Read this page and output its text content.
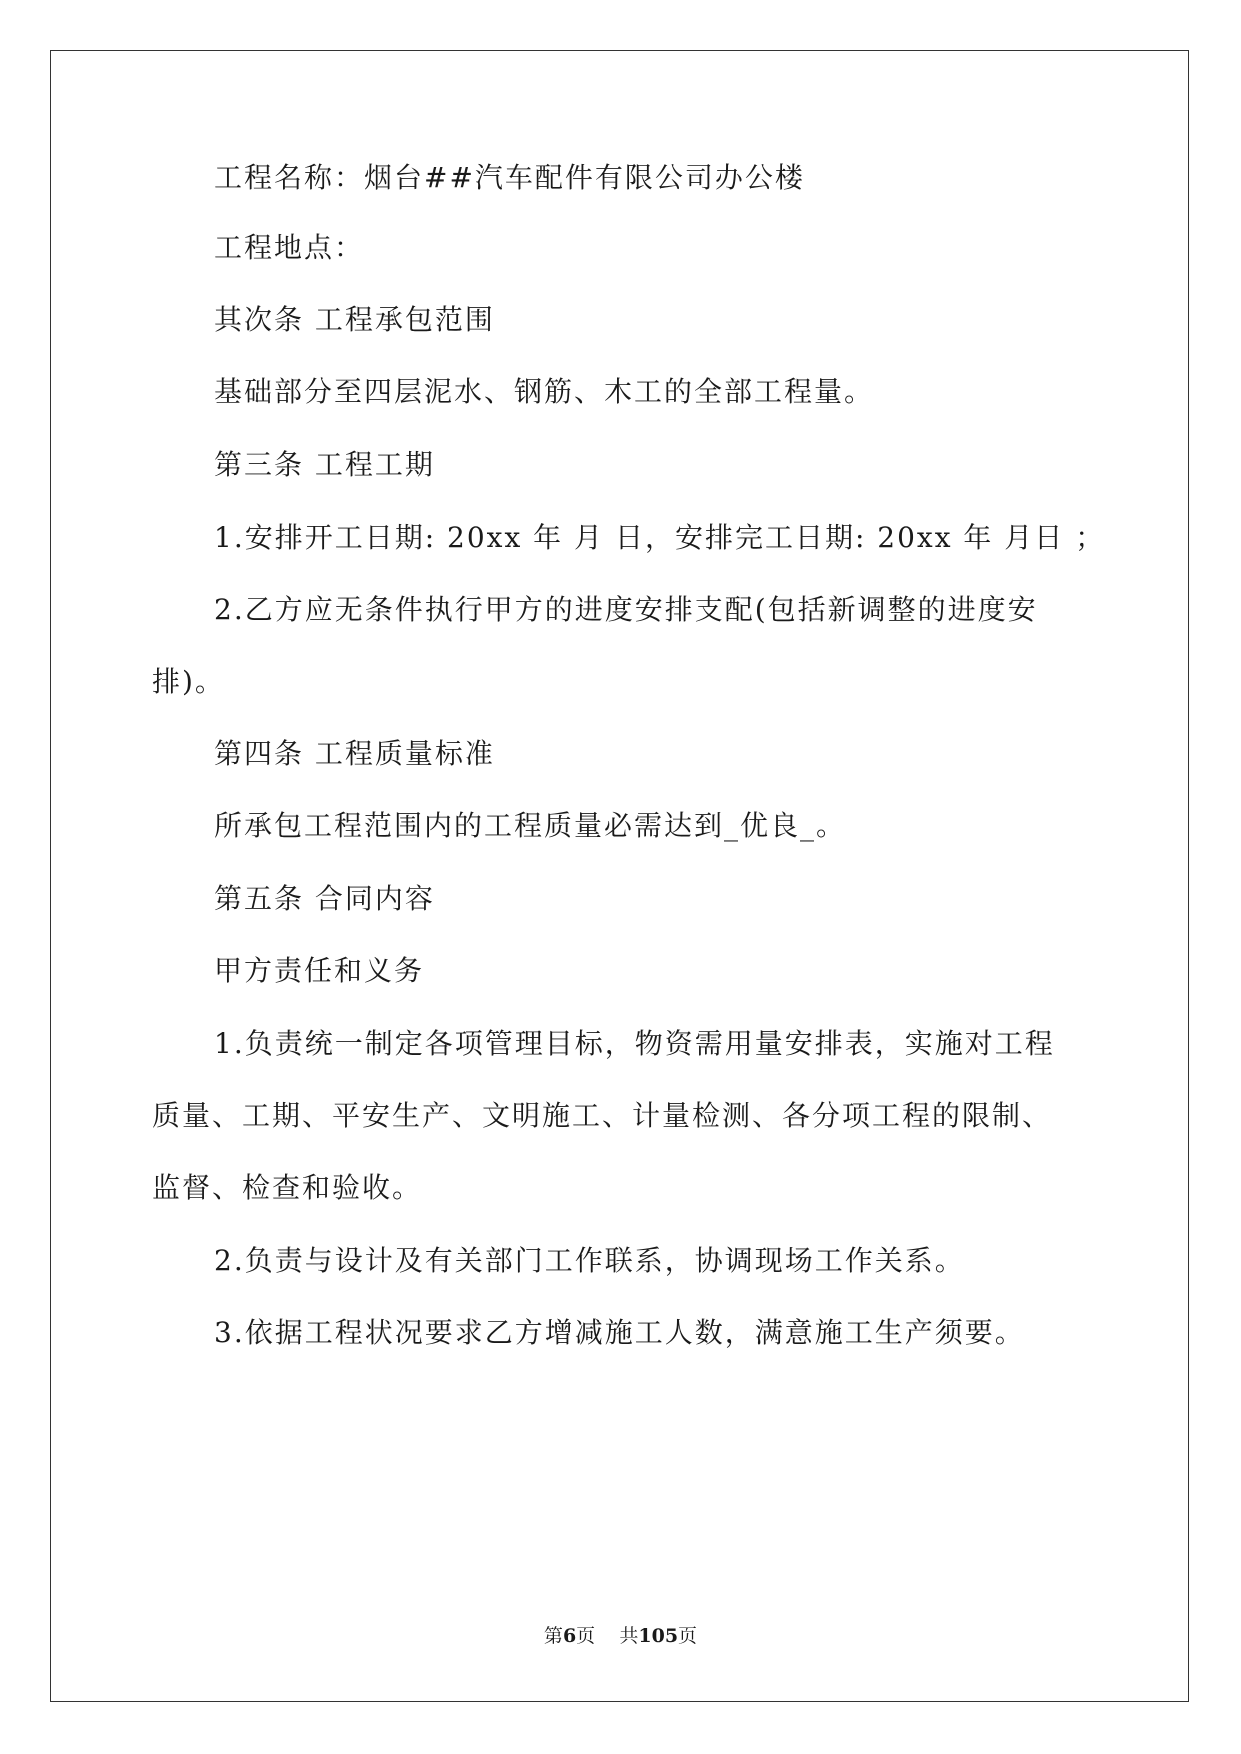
工程名称：烟台##汽车配件有限公司办公楼
工程地点：
其次条 工程承包范围
基础部分至四层泥水、钢筋、木工的全部工程量。
第三条 工程工期
1.安排开工日期: 20xx 年 月 日，安排完工日期: 20xx 年 月日 ；
2.乙方应无条件执行甲方的进度安排支配(包括新调整的进度安
排)。
第四条 工程质量标准
所承包工程范围内的工程质量必需达到_优良_。
第五条 合同内容
甲方责任和义务
1.负责统一制定各项管理目标，物资需用量安排表，实施对工程
质量、工期、平安生产、文明施工、计量检测、各分项工程的限制、
监督、检查和验收。
2.负责与设计及有关部门工作联系，协调现场工作关系。
3.依据工程状况要求乙方增减施工人数，满意施工生产须要。
第6页 共105页
